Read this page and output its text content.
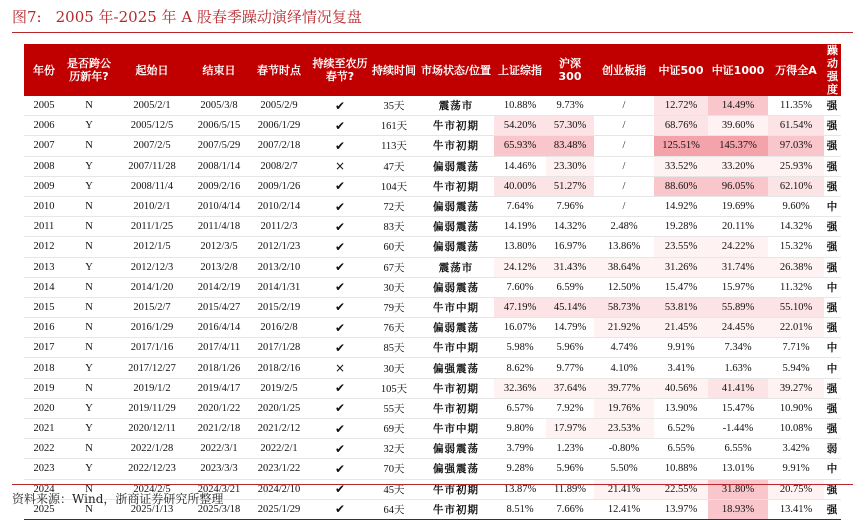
图7: 2005 年-2025 年 A 股春季躁动演绎情况复盘
年份	是否跨公历新年?	起始日	结束日	春节时点	持续至农历春节?	持续时间	市场状态/位置	上证综指	沪深300	创业板指	中证500	中证1000	万得全A	躁动强度
2005	N	2005/2/1	2005/3/8	2005/2/9	✔	35天	震荡市	10.88%	9.73%	/	12.72%	14.49%	11.35%	强
2006	Y	2005/12/5	2006/5/15	2006/1/29	✔	161天	牛市初期	54.20%	57.30%	/	68.76%	39.60%	61.54%	强
2007	N	2007/2/5	2007/5/29	2007/2/18	✔	113天	牛市初期	65.93%	83.48%	/	125.51%	145.37%	97.03%	强
2008	Y	2007/11/28	2008/1/14	2008/2/7	×	47天	偏弱震荡	14.46%	23.30%	/	33.52%	33.20%	25.93%	强
2009	Y	2008/11/4	2009/2/16	2009/1/26	✔	104天	牛市初期	40.00%	51.27%	/	88.60%	96.05%	62.10%	强
2010	N	2010/2/1	2010/4/14	2010/2/14	✔	72天	偏弱震荡	7.64%	7.96%	/	14.92%	19.69%	9.60%	中
2011	N	2011/1/25	2011/4/18	2011/2/3	✔	83天	偏弱震荡	14.19%	14.32%	2.48%	19.28%	20.11%	14.32%	强
2012	N	2012/1/5	2012/3/5	2012/1/23	✔	60天	偏弱震荡	13.80%	16.97%	13.86%	23.55%	24.22%	15.32%	强
2013	Y	2012/12/3	2013/2/8	2013/2/10	✔	67天	震荡市	24.12%	31.43%	38.64%	31.26%	31.74%	26.38%	强
2014	N	2014/1/20	2014/2/19	2014/1/31	✔	30天	偏弱震荡	7.60%	6.59%	12.50%	15.47%	15.97%	11.32%	中
2015	N	2015/2/7	2015/4/27	2015/2/19	✔	79天	牛市中期	47.19%	45.14%	58.73%	53.81%	55.89%	55.10%	强
2016	N	2016/1/29	2016/4/14	2016/2/8	✔	76天	偏弱震荡	16.07%	14.79%	21.92%	21.45%	24.45%	22.01%	强
2017	N	2017/1/16	2017/4/11	2017/1/28	✔	85天	牛市中期	5.98%	5.96%	4.74%	9.91%	7.34%	7.71%	中
2018	Y	2017/12/27	2018/1/26	2018/2/16	×	30天	偏强震荡	8.62%	9.77%	4.10%	3.41%	1.63%	5.94%	中
2019	N	2019/1/2	2019/4/17	2019/2/5	✔	105天	牛市初期	32.36%	37.64%	39.77%	40.56%	41.41%	39.27%	强
2020	Y	2019/11/29	2020/1/22	2020/1/25	✔	55天	牛市初期	6.57%	7.92%	19.76%	13.90%	15.47%	10.90%	强
2021	Y	2020/12/11	2021/2/18	2021/2/12	✔	69天	牛市中期	9.80%	17.97%	23.53%	6.52%	-1.44%	10.08%	强
2022	N	2022/1/28	2022/3/1	2022/2/1	✔	32天	偏弱震荡	3.79%	1.23%	-0.80%	6.55%	6.55%	3.42%	弱
2023	Y	2022/12/23	2023/3/3	2023/1/22	✔	70天	偏强震荡	9.28%	5.96%	5.50%	10.88%	13.01%	9.91%	中
2024	N	2024/2/5	2024/3/21	2024/2/10	✔	45天	牛市初期	13.87%	11.89%	21.41%	22.55%	31.80%	20.75%	强
2025	N	2025/1/13	2025/3/18	2025/1/29	✔	64天	牛市初期	8.51%	7.66%	12.41%	13.97%	18.93%	13.41%	强
资料来源：Wind，浙商证券研究所整理
